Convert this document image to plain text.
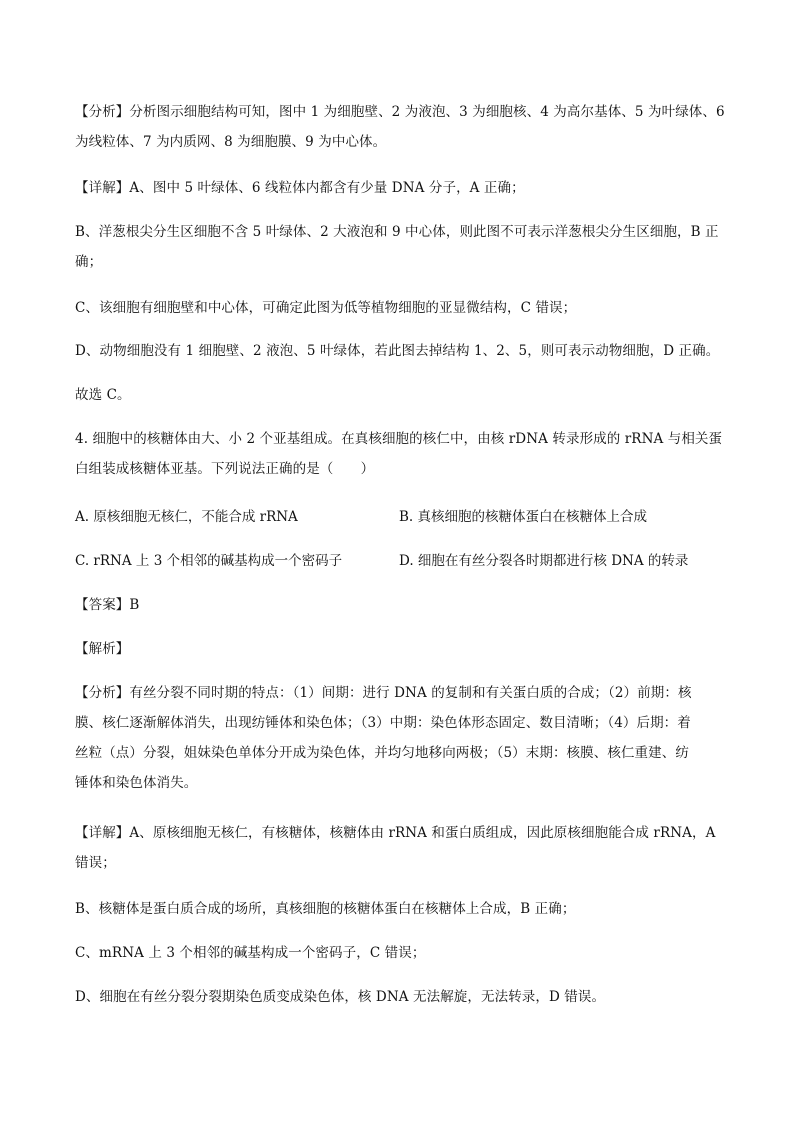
【分析】分析图示细胞结构可知，图中 1 为细胞壁、2 为液泡、3 为细胞核、4 为高尔基体、5 为叶绿体、6
为线粒体、7 为内质网、8 为细胞膜、9 为中心体。
【详解】A、图中 5 叶绿体、6 线粒体内都含有少量 DNA 分子，A 正确；
B、洋葱根尖分生区细胞不含 5 叶绿体、2 大液泡和 9 中心体，则此图不可表示洋葱根尖分生区细胞，B 正
确；
C、该细胞有细胞壁和中心体，可确定此图为低等植物细胞的亚显微结构，C 错误；
D、动物细胞没有 1 细胞壁、2 液泡、5 叶绿体，若此图去掉结构 1、2、5，则可表示动物细胞，D 正确。
故选 C。
4. 细胞中的核糖体由大、小 2 个亚基组成。在真核细胞的核仁中，由核 rDNA 转录形成的 rRNA 与相关蛋
白组装成核糖体亚基。下列说法正确的是（　　）
A. 原核细胞无核仁，不能合成 rRNA	B. 真核细胞的核糖体蛋白在核糖体上合成
C. rRNA 上 3 个相邻的碱基构成一个密码子	D. 细胞在有丝分裂各时期都进行核 DNA 的转录
【答案】B
【解析】
【分析】有丝分裂不同时期的特点：（1）间期：进行 DNA 的复制和有关蛋白质的合成；（2）前期：核
膜、核仁逐渐解体消失，出现纺锤体和染色体；（3）中期：染色体形态固定、数目清晰；（4）后期：着
丝粒（点）分裂，姐妹染色单体分开成为染色体，并均匀地移向两极；（5）末期：核膜、核仁重建、纺
锤体和染色体消失。
【详解】A、原核细胞无核仁，有核糖体，核糖体由 rRNA 和蛋白质组成，因此原核细胞能合成 rRNA，A
错误；
B、核糖体是蛋白质合成的场所，真核细胞的核糖体蛋白在核糖体上合成，B 正确；
C、mRNA 上 3 个相邻的碱基构成一个密码子，C 错误；
D、细胞在有丝分裂分裂期染色质变成染色体，核 DNA 无法解旋，无法转录，D 错误。
